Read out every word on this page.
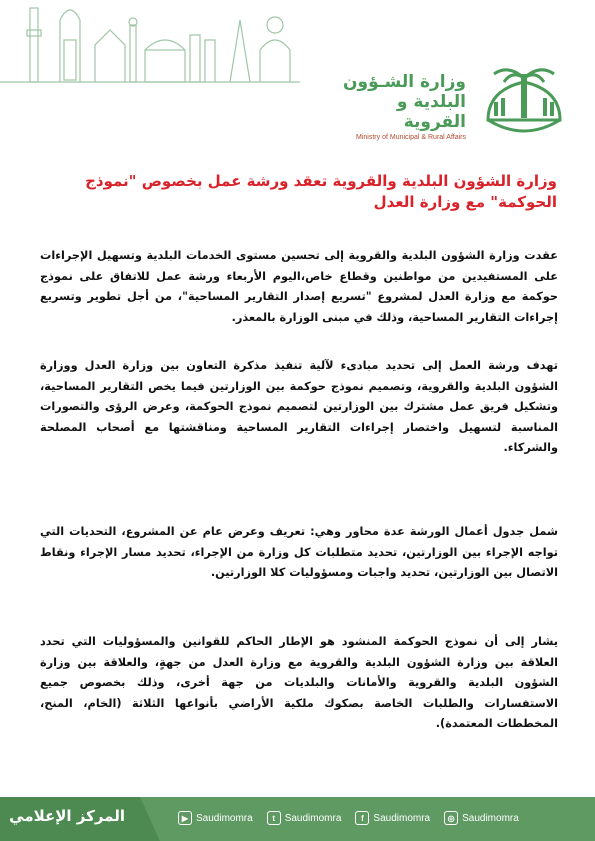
وزارة الشـؤون
البلدية و القروية
Ministry of Municipal & Rural Affairs
وزارة الشؤون البلدية والقروية تعقد ورشة عمل بخصوص "نموذج الحوكمة" مع وزارة العدل
عقدت وزارة الشؤون البلدية والقروية إلى تحسين مستوى الخدمات البلدية وتسهيل الإجراءات على المستفيدين من مواطنين وقطاع خاص،اليوم الأربعاء ورشة عمل للاتفاق على نموذج حوكمة مع وزارة العدل لمشروع "تسريع إصدار التقارير المساحية"، من أجل تطوير وتسريع إجراءات التقارير المساحية، وذلك في مبنى الوزارة بالمعذر.
تهدف ورشة العمل إلى تحديد مبادىء لآلية تنفيذ مذكرة التعاون بين وزارة العدل ووزارة الشؤون البلدية والقروية، وتصميم نموذج حوكمة بين الوزارتين فيما يخص التقارير المساحية، وتشكيل فريق عمل مشترك بين الوزارتين لتصميم نموذج الحوكمة، وعرض الرؤى والتصورات المناسبة لتسهيل واختصار إجراءات التقارير المساحية ومناقشتها مع أصحاب المصلحة والشركاء.
شمل جدول أعمال الورشة عدة محاور وهي: تعريف وعرض عام عن المشروع، التحديات التي تواجه الإجراء بين الوزارتين، تحديد متطلبات كل وزارة من الإجراء، تحديد مسار الإجراء ونقاط الاتصال بين الوزارتين، تحديد واجبات ومسؤوليات كلا الوزارتين.
يشار إلى أن نموذج الحوكمة المنشود هو الإطار الحاكم للقوانين والمسؤوليات التي تحدد العلاقة بين وزارة الشؤون البلدية والقروية مع وزارة العدل من جهةٍ، والعلاقة بين وزارة الشؤون البلدية والقروية والأمانات والبلديات من جهة أخرى، وذلك بخصوص جميع الاستفسارات والطلبات الخاصة بصكوك ملكية الأراضي بأنواعها الثلاثة (الخام، المنح، المخططات المعتمدة).
المركز الإعلامي	▶ Saudimomra	t Saudimomra	f Saudimomra	◎ Saudimomra
